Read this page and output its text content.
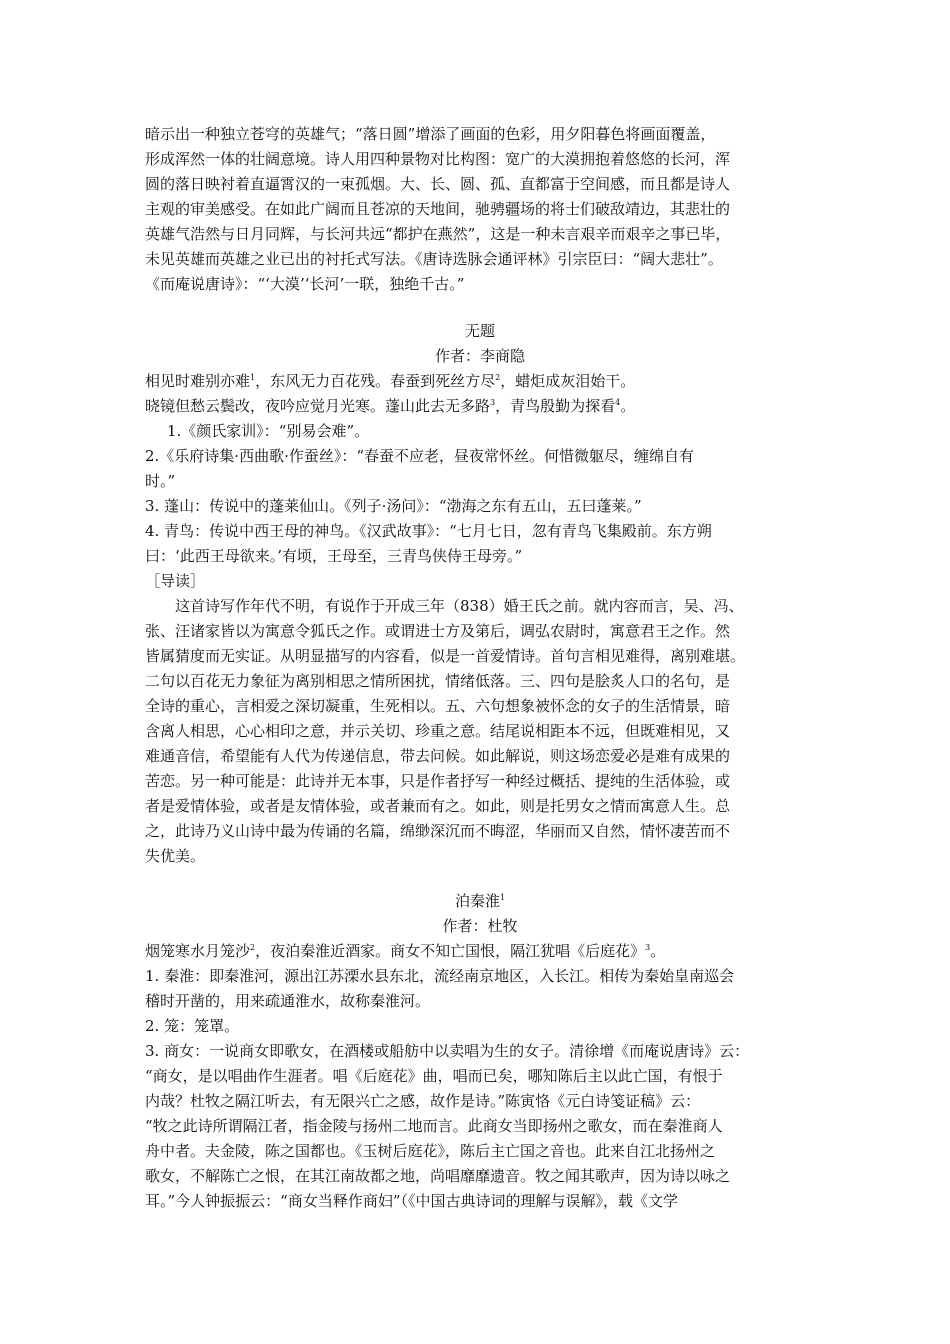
暗示出一种独立苍穹的英雄气；“落日圆”增添了画面的色彩，用夕阳暮色将画面覆盖，
形成浑然一体的壮阔意境。诗人用四种景物对比构图：宽广的大漠拥抱着悠悠的长河，浑
圆的落日映衬着直逼霄汉的一束孤烟。大、长、圆、孤、直都富于空间感，而且都是诗人
主观的审美感受。在如此广阔而且苍凉的天地间，驰骋疆场的将士们破敌靖边，其悲壮的
英雄气浩然与日月同辉，与长河共远“都护在燕然”，这是一种未言艰辛而艰辛之事已毕，
未见英雄而英雄之业已出的衬托式写法。《唐诗选脉会通评林》引宗臣曰：“阔大悲壮”。
《而庵说唐诗》：“‘大漠’‘长河’一联，独绝千古。”

无题

作者：李商隐

相见时难别亦难$^1$，东风无力百花残。春蚕到死丝方尽$^2$，蜡炬成灰泪始干。
晓镜但愁云鬓改，夜吟应觉月光寒。蓬山此去无多路$^3$，青鸟殷勤为探看$^4$。
1.《颜氏家训》：“别易会难”。
2.《乐府诗集·西曲歌·作蚕丝》：“春蚕不应老，昼夜常怀丝。何惜微躯尽，缠绵自有
时。”
3. 蓬山：传说中的蓬莱仙山。《列子·汤问》：“渤海之东有五山，五曰蓬莱。”
4. 青鸟：传说中西王母的神鸟。《汉武故事》：“七月七日，忽有青鸟飞集殿前。东方朔
曰：‘此西王母欲来。’有顷，王母至，三青鸟侠侍王母旁。”
［导读］
　　这首诗写作年代不明，有说作于开成三年（838）婚王氏之前。就内容而言，吴、冯、
张、汪诸家皆以为寓意令狐氏之作。或谓进士方及第后，调弘农尉时，寓意君王之作。然
皆属猜度而无实证。从明显描写的内容看，似是一首爱情诗。首句言相见难得，离别难堪。
二句以百花无力象征为离别相思之情所困扰，情绪低落。三、四句是脍炙人口的名句，是
全诗的重心，言相爱之深切凝重，生死相以。五、六句想象被怀念的女子的生活情景，暗
含离人相思，心心相印之意，并示关切、珍重之意。结尾说相距本不远，但既难相见，又
难通音信，希望能有人代为传递信息，带去问候。如此解说，则这场恋爱必是难有成果的
苦恋。另一种可能是：此诗并无本事，只是作者抒写一种经过概括、提纯的生活体验，或
者是爱情体验，或者是友情体验，或者兼而有之。如此，则是托男女之情而寓意人生。总
之，此诗乃义山诗中最为传诵的名篇，绵缈深沉而不晦涩，华丽而又自然，情怀凄苦而不
失优美。

泊秦淮$^1$

作者：杜牧

烟笼寒水月笼沙$^2$，夜泊秦淮近酒家。商女不知亡国恨，隔江犹唱《后庭花》$^3$。
1. 秦淮：即秦淮河，源出江苏溧水县东北，流经南京地区，入长江。相传为秦始皇南巡会
稽时开凿的，用来疏通淮水，故称秦淮河。
2. 笼：笼罩。
3. 商女：一说商女即歌女，在酒楼或船舫中以卖唱为生的女子。清徐增《而庵说唐诗》云：
“商女，是以唱曲作生涯者。唱《后庭花》曲，唱而已矣，哪知陈后主以此亡国，有恨于
内哉？杜牧之隔江听去，有无限兴亡之感，故作是诗。”陈寅恪《元白诗笺证稿》云：
“牧之此诗所谓隔江者，指金陵与扬州二地而言。此商女当即扬州之歌女，而在秦淮商人
舟中者。夫金陵，陈之国都也。《玉树后庭花》，陈后主亡国之音也。此来自江北扬州之
歌女，不解陈亡之恨，在其江南故都之地，尚唱靡靡遗音。牧之闻其歌声，因为诗以咏之
耳。”今人钟振振云：“商女当释作商妇”（《中国古典诗词的理解与误解》，载《文学
